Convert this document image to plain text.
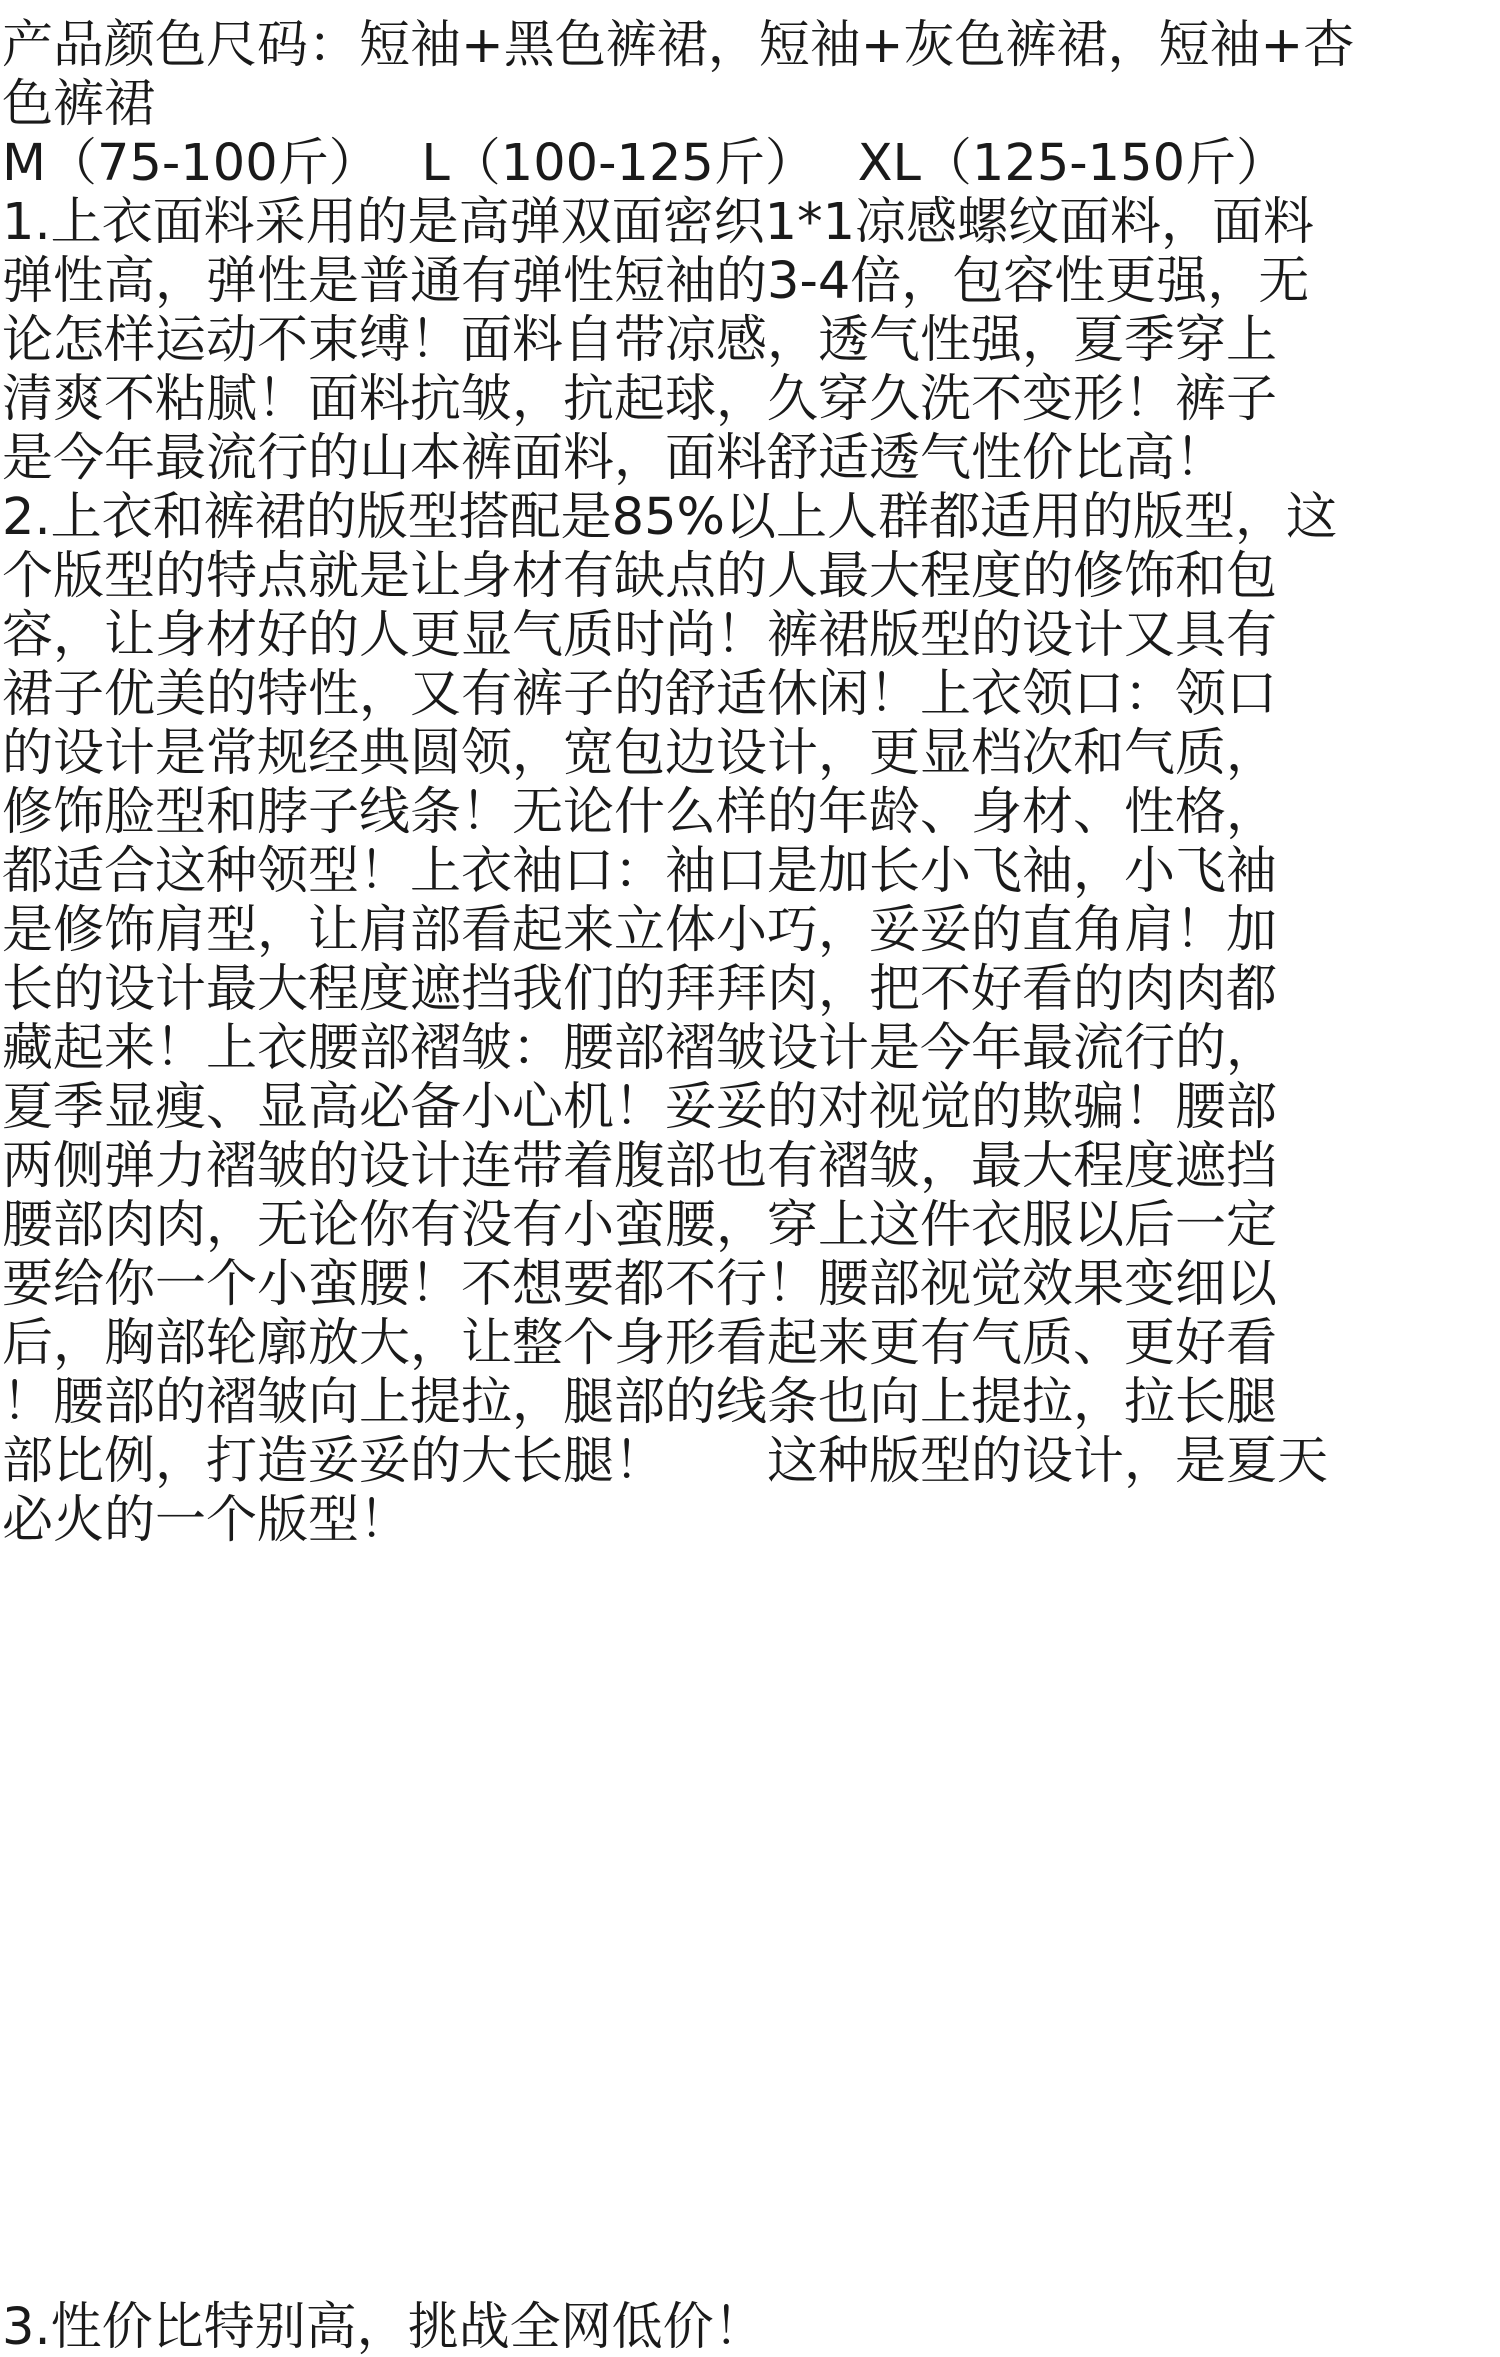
产品颜色尺码：短袖+黑色裤裙，短袖+灰色裤裙，短袖+杏
色裤裙
M（75-100斤）　 L（100-125斤）　 XL（125-150斤）
1.上衣面料采用的是高弹双面密织1*1凉感螺纹面料，面料
弹性高，弹性是普通有弹性短袖的3-4倍，包容性更强，无
论怎样运动不束缚！面料自带凉感，透气性强，夏季穿上
清爽不粘腻！面料抗皱，抗起球，久穿久洗不变形！裤子
是今年最流行的山本裤面料，面料舒适透气性价比高！
2.上衣和裤裙的版型搭配是85%以上人群都适用的版型，这
个版型的特点就是让身材有缺点的人最大程度的修饰和包
容，让身材好的人更显气质时尚！裤裙版型的设计又具有
裙子优美的特性，又有裤子的舒适休闲！上衣领口：领口
的设计是常规经典圆领，宽包边设计，更显档次和气质，
修饰脸型和脖子线条！无论什么样的年龄、身材、性格，
都适合这种领型！上衣袖口：袖口是加长小飞袖，小飞袖
是修饰肩型，让肩部看起来立体小巧，妥妥的直角肩！加
长的设计最大程度遮挡我们的拜拜肉，把不好看的肉肉都
藏起来！上衣腰部褶皱：腰部褶皱设计是今年最流行的，
夏季显瘦、显高必备小心机！妥妥的对视觉的欺骗！腰部
两侧弹力褶皱的设计连带着腹部也有褶皱，最大程度遮挡
腰部肉肉，无论你有没有小蛮腰，穿上这件衣服以后一定
要给你一个小蛮腰！不想要都不行！腰部视觉效果变细以
后，胸部轮廓放大，让整个身形看起来更有气质、更好看
！腰部的褶皱向上提拉，腿部的线条也向上提拉，拉长腿
部比例，打造妥妥的大长腿！　　这种版型的设计，是夏天
必火的一个版型！
3.性价比特别高，挑战全网低价！
